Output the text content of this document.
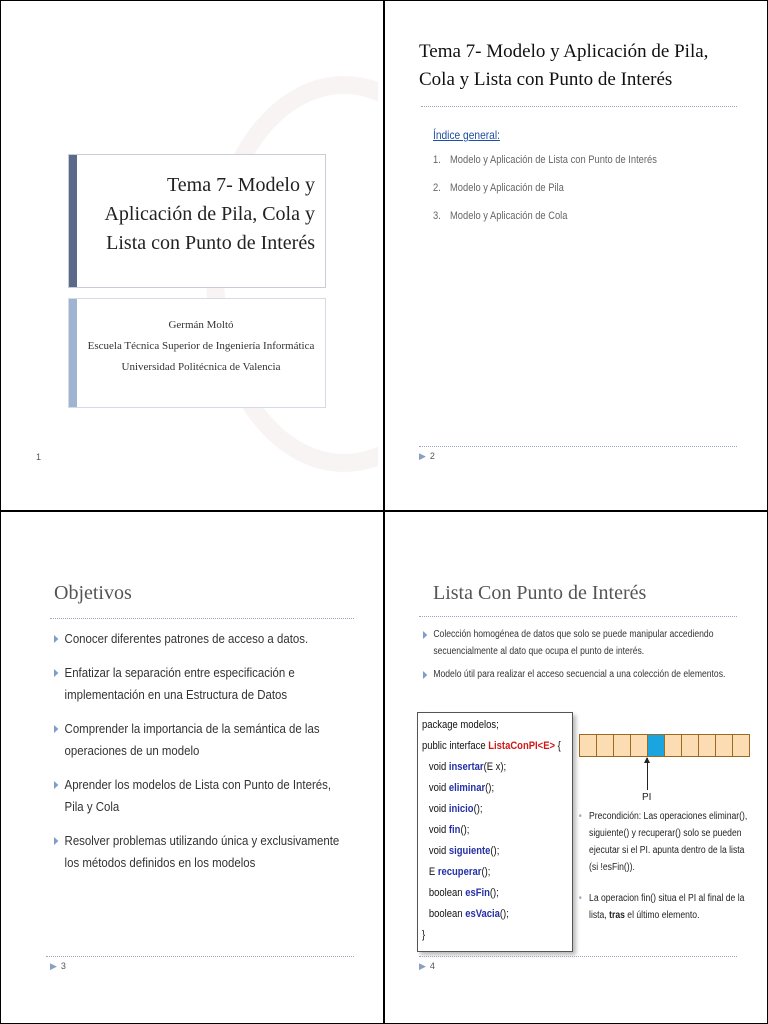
Tema 7- Modelo y Aplicación de Pila, Cola y Lista con Punto de Interés
Germán Moltó
Escuela Técnica Superior de Ingeniería Informática
Universidad Politécnica de Valencia
1
Tema 7- Modelo y Aplicación de Pila, Cola y Lista con Punto de Interés
Índice general:
1. Modelo y Aplicación de Lista con Punto de Interés
2. Modelo y Aplicación de Pila
3. Modelo y Aplicación de Cola
▶ 2
Objetivos
Conocer diferentes patrones de acceso a datos.
Enfatizar la separación entre especificación e implementación en una Estructura de Datos
Comprender la importancia de la semántica de las operaciones de un modelo
Aprender los modelos de Lista con Punto de Interés, Pila y Cola
Resolver problemas utilizando única y exclusivamente los métodos definidos en los modelos
▶ 3
Lista Con Punto de Interés
Colección homogénea de datos que solo se puede manipular accediendo secuencialmente al dato que ocupa el punto de interés.
Modelo útil para realizar el acceso secuencial a una colección de elementos.
package modelos;
public interface ListaConPI<E> {
void insertar(E x);
void eliminar();
void inicio();
void fin();
void siguiente();
E recuperar();
boolean esFin();
boolean esVacia();
}
PI
• Precondición: Las operaciones eliminar(), siguiente() y recuperar() solo se pueden ejecutar si el PI. apunta dentro de la lista (si !esFin()).
• La operacion fin() situa el PI al final de la lista, tras el último elemento.
▶ 4
